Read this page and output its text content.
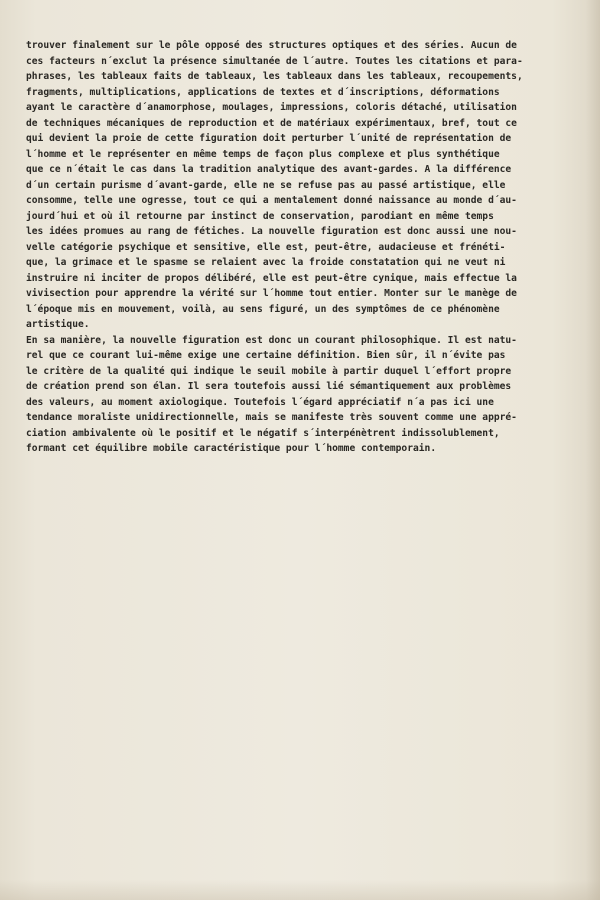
trouver finalement sur le pôle opposé des structures optiques et des séries. Aucun de
ces facteurs n´exclut la présence simultanée de l´autre. Toutes les citations et para-
phrases, les tableaux faits de tableaux, les tableaux dans les tableaux, recoupements,
fragments, multiplications, applications de textes et d´inscriptions, déformations
ayant le caractère d´anamorphose, moulages, impressions, coloris détaché, utilisation
de techniques mécaniques de reproduction et de matériaux expérimentaux, bref, tout ce
qui devient la proie de cette figuration doit perturber l´unité de représentation de
l´homme et le représenter en même temps de façon plus complexe et plus synthétique
que ce n´était le cas dans la tradition analytique des avant-gardes. A la différence
d´un certain purisme d´avant-garde, elle ne se refuse pas au passé artistique, elle
consomme, telle une ogresse, tout ce qui a mentalement donné naissance au monde d´au-
jourd´hui et où il retourne par instinct de conservation, parodiant en même temps
les idées promues au rang de fétiches. La nouvelle figuration est donc aussi une nou-
velle catégorie psychique et sensitive, elle est, peut-être, audacieuse et frénéti-
que, la grimace et le spasme se relaient avec la froide constatation qui ne veut ni
instruire ni inciter de propos délibéré, elle est peut-être cynique, mais effectue la
vivisection pour apprendre la vérité sur l´homme tout entier. Monter sur le manège de
l´époque mis en mouvement, voilà, au sens figuré, un des symptômes de ce phénomène
artistique.
En sa manière, la nouvelle figuration est donc un courant philosophique. Il est natu-
rel que ce courant lui-même exige une certaine définition. Bien sûr, il n´évite pas
le critère de la qualité qui indique le seuil mobile à partir duquel l´effort propre
de création prend son élan. Il sera toutefois aussi lié sémantiquement aux problèmes
des valeurs, au moment axiologique. Toutefois l´égard appréciatif n´a pas ici une
tendance moraliste unidirectionnelle, mais se manifeste très souvent comme une appré-
ciation ambivalente où le positif et le négatif s´interpénètrent indissolublement,
formant cet équilibre mobile caractéristique pour l´homme contemporain.
